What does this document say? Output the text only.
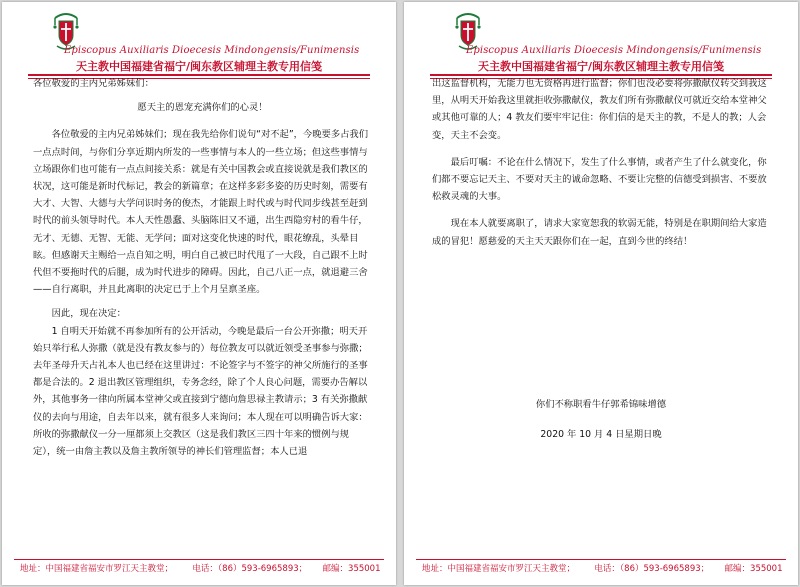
Episcopus Auxiliaris Dioecesis Mindongensis/Funimensis
天主教中国福建省福宁/闽东教区辅理主教专用信笺

各位敬爱的主内兄弟姊妹们：

愿天主的恩宠充满你们的心灵！

各位敬爱的主内兄弟姊妹们；现在我先给你们说句“对不起”，今晚要多占我们一点点时间，与你们分享近期内所发的一些事情与本人的一些立场；但这些事情与立场跟你们也可能有一点点间接关系：就是有关中国教会或直接说就是我们教区的状况，这可能是新时代标记，教会的新篇章；在这样多彩多姿的历史时刻，需要有大才、大智、大德与大学问识时务的俊杰，才能跟上时代或与时代同步线甚至赶到时代的前头领导时代。本人天性愚蠢、头脑陈旧又不通，出生西隐穷村的看牛仔，无才、无德、无智、无能、无学问；面对这变化快速的时代，眼花缭乱，头晕目眩。但感谢天主赐给一点自知之明，明白自己被已时代甩了一大段，自己跟不上时代但不要拖时代的后腿，成为时代进步的障碍。因此，自己八正一点，就退避三舍——自行离职，并且此离职的决定已于上个月呈禀圣座。

因此，现在决定：

1 自明天开始就不再参加所有的公开活动，今晚是最后一台公开弥撒；明天开始只举行私人弥撒（就是没有教友参与的）每位教友可以就近领受圣事参与弥撒；去年圣母升天占礼本人也已经在这里讲过：不论签字与不签字的神父所施行的圣事都是合法的。2 退出教区管理组织，专务念经，除了个人良心问题，需要办告解以外，其他事务一律向所属本堂神父或直接到宁德向詹思禄主教请示；3 有关弥撒献仪的去向与用途，自去年以来，就有很多人来询问；本人现在可以明确告诉大家：所收的弥撒献仪一分一厘都须上交教区（这是我们教区三四十年来的惯例与规定），统一由詹主教以及詹主教所领导的神长们管理监督；本人已退

地址：中国福建省福安市罗江天主教堂； 电话：（86）593-6965893； 邮编：355001
Episcopus Auxiliaris Dioecesis Mindongensis/Funimensis
天主教中国福建省福宁/闽东教区辅理主教专用信笺

出这监督机构，无能力也无资格再进行监督；你们也没必要将弥撒献仪转交到我这里，从明天开始我这里就拒收弥撒献仪，教友们所有弥撒献仪可就近交给本堂神父或其他可靠的人；4 教友们要牢牢记住：你们信的是天主的教，不是人的教；人会变，天主不会变。

最后叮嘱：不论在什么情况下，发生了什么事情，或者产生了什么就变化，你们都不要忘记天主、不要对天主的诚命忽略、不要让完整的信德受到损害、不要放松救灵魂的大事。

现在本人就要离职了，请求大家宽恕我的软弱无能，特别是在职期间给大家造成的冒犯！愿慈爱的天主天天跟你们在一起，直到今世的终结！

你们不称职看牛仔郭希锦味增德
2020 年 10 月 4 日星期日晚
地址：中国福建省福安市罗江天主教堂； 电话：（86）593-6965893； 邮编：355001
